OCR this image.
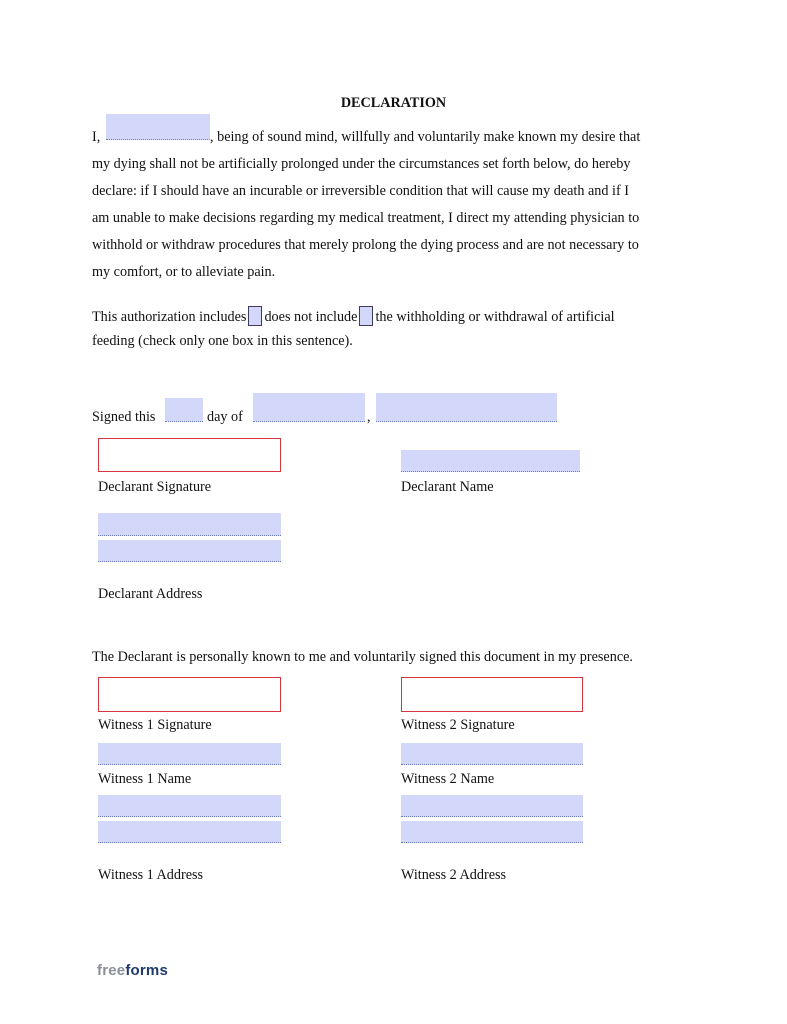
DECLARATION
I,	, being of sound mind, willfully and voluntarily make known my desire that
my dying shall not be artificially prolonged under the circumstances set forth below, do hereby
declare: if I should have an incurable or irreversible condition that will cause my death and if I
am unable to make decisions regarding my medical treatment, I direct my attending physician to
withhold or withdraw procedures that merely prolong the dying process and are not necessary to
my comfort, or to alleviate pain.
This authorization includes does not include the withholding or withdrawal of artificial
feeding (check only one box in this sentence).
Signed this	day of	,
Declarant Signature	Declarant Name
Declarant Address
The Declarant is personally known to me and voluntarily signed this document in my presence.
Witness 1 Signature	Witness 2 Signature
Witness 1 Name	Witness 2 Name
Witness 1 Address	Witness 2 Address
freeforms
